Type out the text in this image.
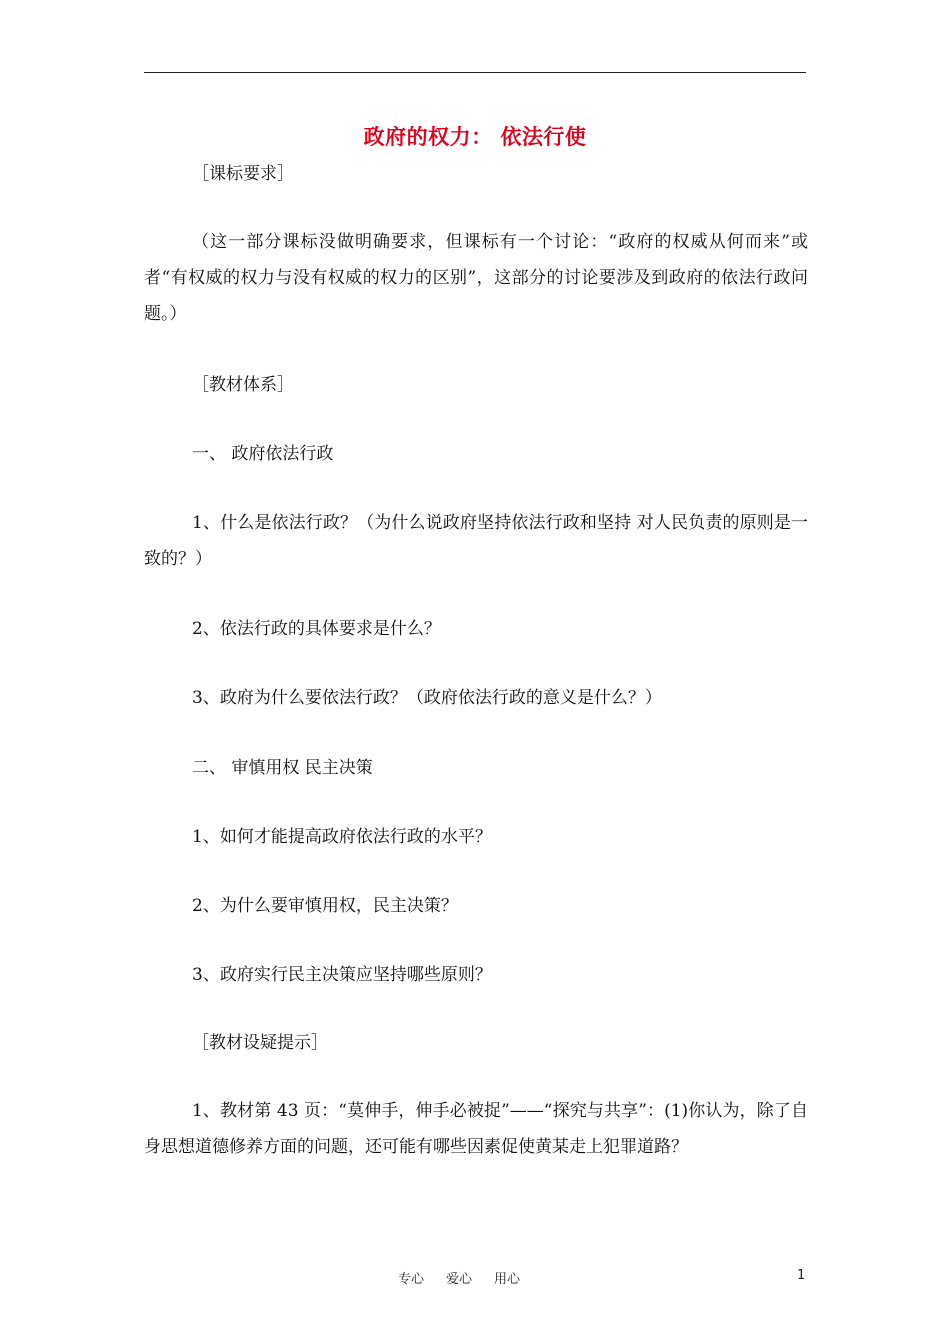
政府的权力： 依法行使
［课标要求］
（这一部分课标没做明确要求，但课标有一个讨论：“政府的权威从何而来”或者“有权威的权力与没有权威的权力的区别”，这部分的讨论要涉及到政府的依法行政问题。）
［教材体系］
一、 政府依法行政
1、什么是依法行政？（为什么说政府坚持依法行政和坚持 对人民负责的原则是一致的？）
2、依法行政的具体要求是什么？
3、政府为什么要依法行政？（政府依法行政的意义是什么？）
二、 审慎用权 民主决策
1、如何才能提高政府依法行政的水平？
2、为什么要审慎用权，民主决策？
3、政府实行民主决策应坚持哪些原则？
［教材设疑提示］
1、教材第 43 页：“莫伸手，伸手必被捉”——“探究与共享”：(1)你认为，除了自身思想道德修养方面的问题，还可能有哪些因素促使黄某走上犯罪道路？
专心 爱心 用心	1
